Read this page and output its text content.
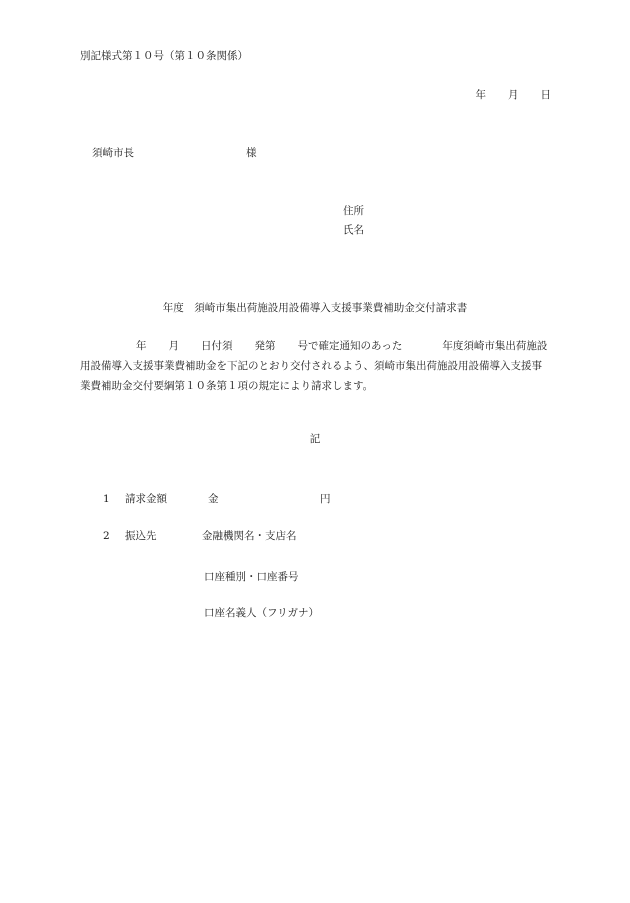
別記様式第１０号（第１０条関係）
年 月 日
須崎市長	様
住所
氏名
年度　須崎市集出荷施設用設備導入支援事業費補助金交付請求書
年 月 日付須 発第 号で確定通知のあった	年度須崎市集出荷施設用設備導入支援事業費補助金を下記のとおり交付されるよう、須崎市集出荷施設用設備導入支援事業費補助金交付要綱第１０条第１項の規定により請求します。
記
1 請求金額	金	円
2 振込先	金融機関名・支店名
口座種別・口座番号
口座名義人（フリガナ）
